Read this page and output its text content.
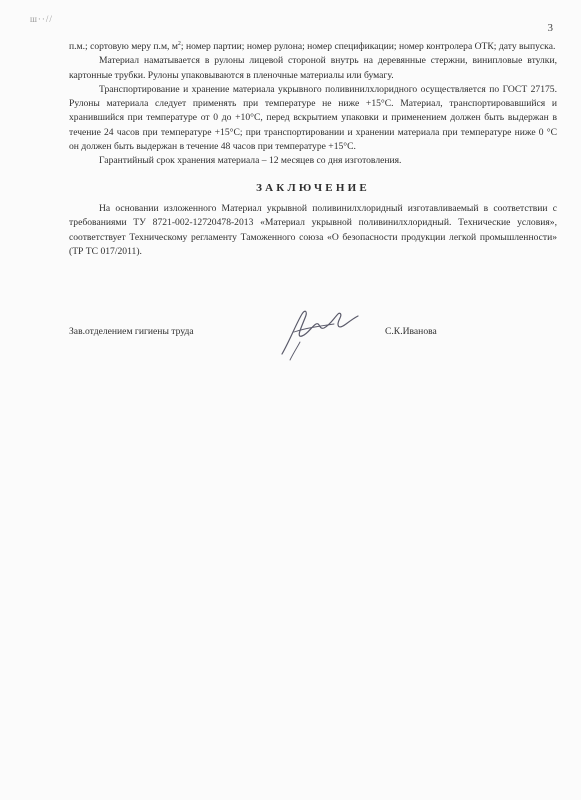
ш··//
3

п.м.; сортовую меру п.м, $м^2$; номер партии; номер рулона; номер спецификации; номер контролера ОТК; дату выпуска.

Материал наматывается в рулоны лицевой стороной внутрь на деревянные стержни, винипловые втулки, картонные трубки. Рулоны упаковываются в пленочные материалы или бумагу.

Транспортирование и хранение материала укрывного поливинилхлоридного осуществляется по ГОСТ 27175. Рулоны материала следует применять при температуре не ниже +15°С. Материал, транспортировавшийся и хранившийся при температуре от 0 до +10°С, перед вскрытием упаковки и применением должен быть выдержан в течение 24 часов при температуре +15°С; при транспортировании и хранении материала при температуре ниже 0 °С он должен быть выдержан в течение 48 часов при температуре +15°С.

Гарантийный срок хранения материала – 12 месяцев со дня изготовления.

ЗАКЛЮЧЕНИЕ

На основании изложенного Материал укрывной поливинилхлоридный изготавливаемый в соответствии с требованиями ТУ 8721-002-12720478-2013 «Материал укрывной поливинилхлоридный. Технические условия», соответствует Техническому регламенту Таможенного союза «О безопасности продукции легкой промышленности» (ТР ТС 017/2011).

Зав.отделением гигиены труда	С.К.Иванова
